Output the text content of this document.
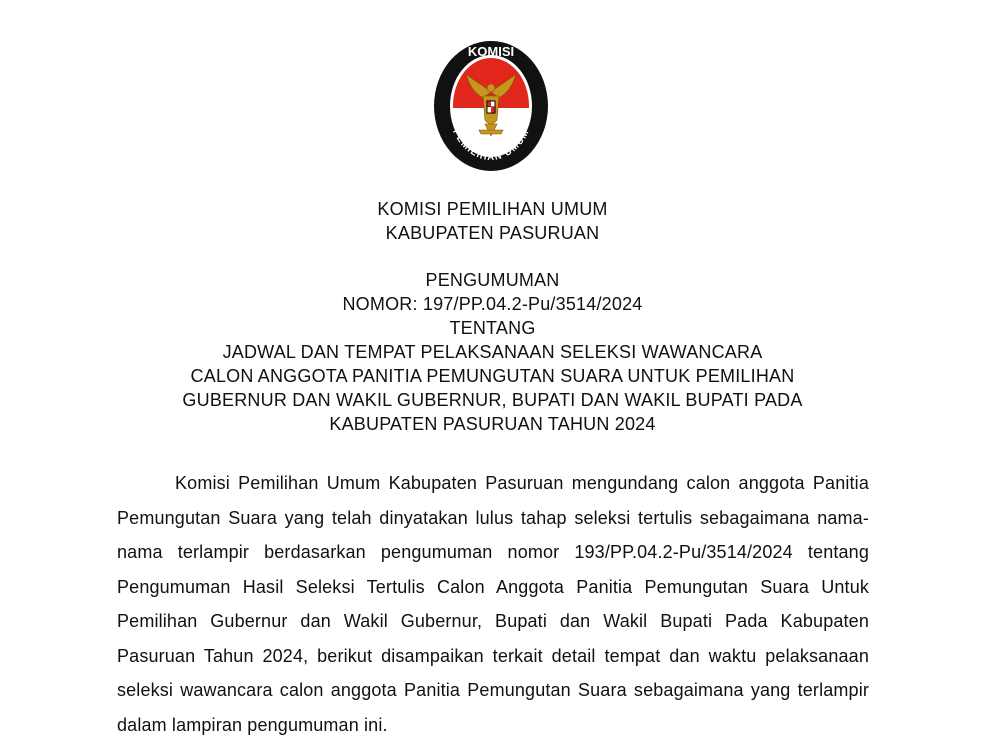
KOMISI
PEMILIHAN UMUM
KOMISI PEMILIHAN UMUM
KABUPATEN PASURUAN
PENGUMUMAN
NOMOR: 197/PP.04.2-Pu/3514/2024
TENTANG
JADWAL DAN TEMPAT PELAKSANAAN SELEKSI WAWANCARA
CALON ANGGOTA PANITIA PEMUNGUTAN SUARA UNTUK PEMILIHAN
GUBERNUR DAN WAKIL GUBERNUR, BUPATI DAN WAKIL BUPATI PADA
KABUPATEN PASURUAN TAHUN 2024

Komisi Pemilihan Umum Kabupaten Pasuruan mengundang calon anggota Panitia Pemungutan Suara yang telah dinyatakan lulus tahap seleksi tertulis sebagaimana nama-nama terlampir berdasarkan pengumuman nomor 193/PP.04.2-Pu/3514/2024 tentang Pengumuman Hasil Seleksi Tertulis Calon Anggota Panitia Pemungutan Suara Untuk Pemilihan Gubernur dan Wakil Gubernur, Bupati dan Wakil Bupati Pada Kabupaten Pasuruan Tahun 2024, berikut disampaikan terkait detail tempat dan waktu pelaksanaan seleksi wawancara calon anggota Panitia Pemungutan Suara sebagaimana yang terlampir dalam lampiran pengumuman ini.
